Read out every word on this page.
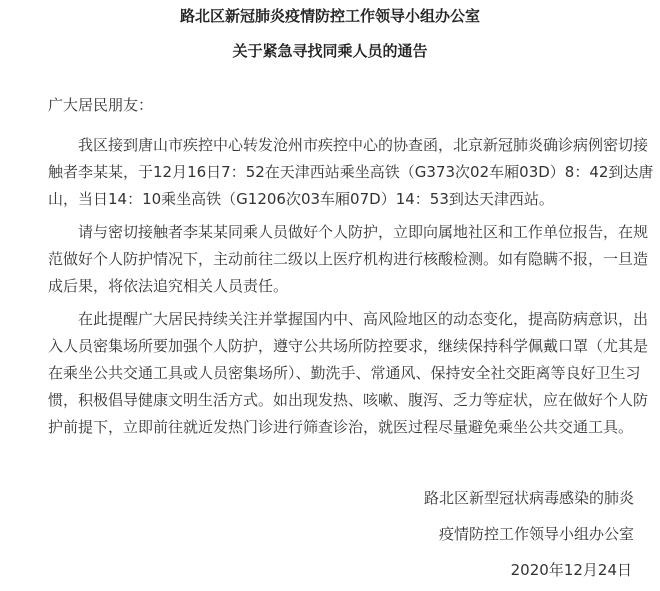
路北区新冠肺炎疫情防控工作领导小组办公室
关于紧急寻找同乘人员的通告
广大居民朋友：
我区接到唐山市疾控中心转发沧州市疾控中心的协查函，北京新冠肺炎确诊病例密切接
触者李某某，于12月16日7：52在天津西站乘坐高铁（G373次02车厢03D）8：42到达唐
山，当日14：10乘坐高铁（G1206次03车厢07D）14：53到达天津西站。
请与密切接触者李某某同乘人员做好个人防护，立即向属地社区和工作单位报告，在规
范做好个人防护情况下，主动前往二级以上医疗机构进行核酸检测。如有隐瞒不报，一旦造
成后果，将依法追究相关人员责任。
在此提醒广大居民持续关注并掌握国内中、高风险地区的动态变化，提高防病意识，出
入人员密集场所要加强个人防护，遵守公共场所防控要求，继续保持科学佩戴口罩（尤其是
在乘坐公共交通工具或人员密集场所）、勤洗手、常通风、保持安全社交距离等良好卫生习
惯，积极倡导健康文明生活方式。如出现发热、咳嗽、腹泻、乏力等症状，应在做好个人防
护前提下，立即前往就近发热门诊进行筛查诊治，就医过程尽量避免乘坐公共交通工具。
路北区新型冠状病毒感染的肺炎
疫情防控工作领导小组办公室
2020年12月24日
